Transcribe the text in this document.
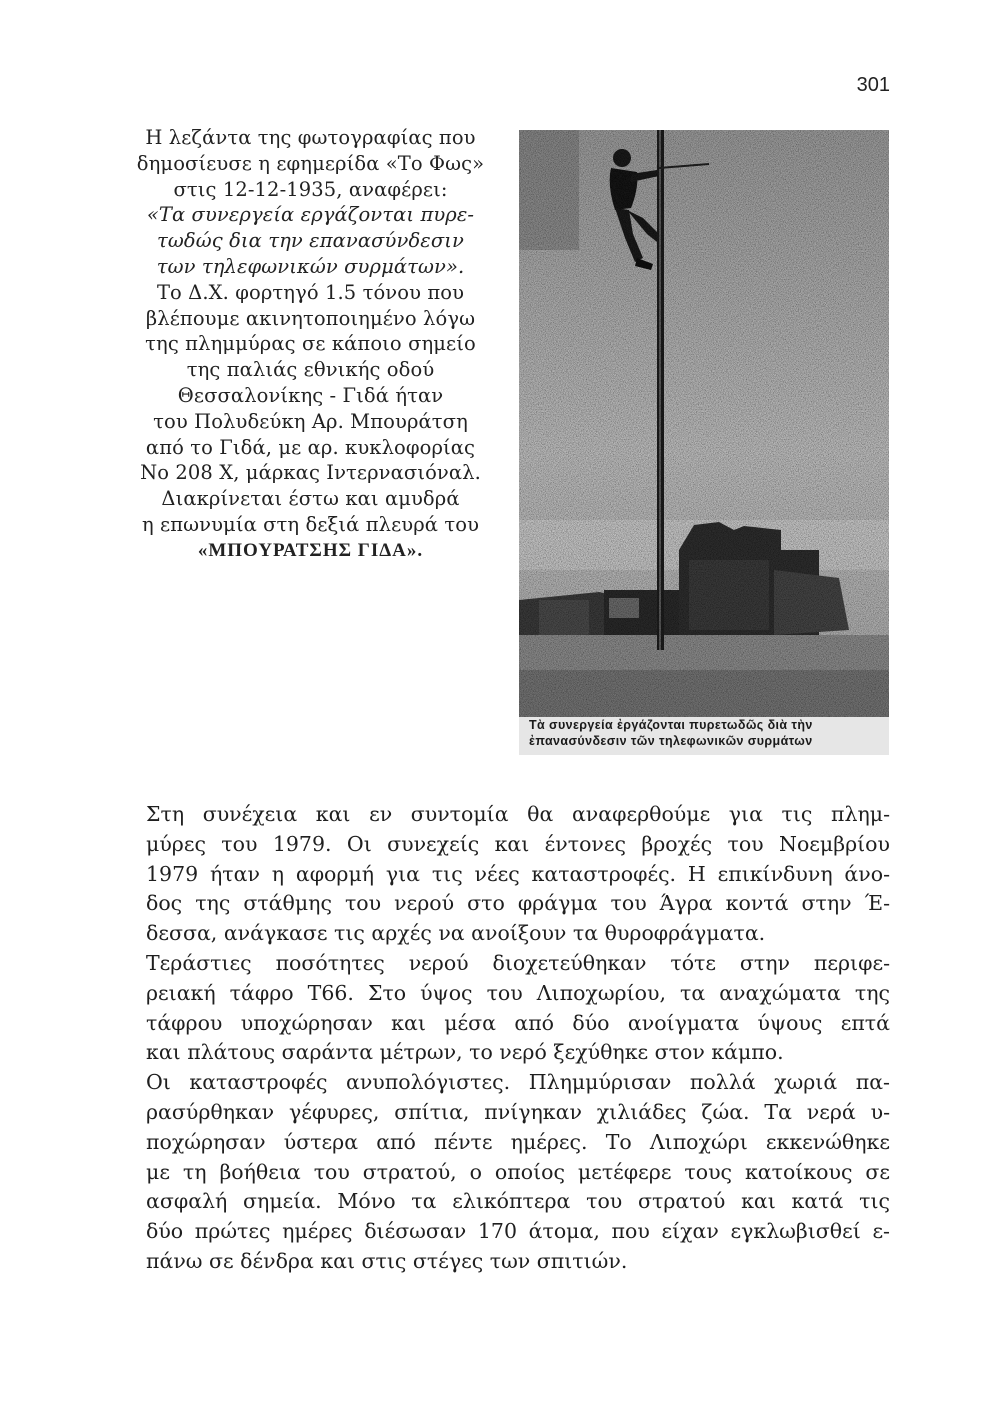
301
Η λεζάντα της φωτογραφίας που
δημοσίευσε η εφημερίδα «Το Φως»
στις 12-12-1935, αναφέρει:
«Τα συνεργεία εργάζονται πυρε-
τωδώς δια την επανασύνδεσιν
των τηλεφωνικών συρμάτων».
Το Δ.Χ. φορτηγό 1.5 τόνου που
βλέπουμε ακινητοποιημένο λόγω
της πλημμύρας σε κάποιο σημείο
της παλιάς εθνικής οδού
Θεσσαλονίκης - Γιδά ήταν
του Πολυδεύκη Αρ. Μπουράτση
από το Γιδά, με αρ. κυκλοφορίας
Νο 208 Χ, μάρκας Ιντερνασιόναλ.
Διακρίνεται έστω και αμυδρά
η επωνυμία στη δεξιά πλευρά του
«ΜΠΟΥΡΑΤΣΗΣ ΓΙΔΑ».
Τὰ συνεργεία ἐργάζονται πυρετωδῶς διὰ τὴν
ἐπανασύνδεσιν τῶν τηλεφωνικῶν συρμάτων

Στη συνέχεια και εν συντομία θα αναφερθούμε για τις πλημ-
μύρες του 1979. Οι συνεχείς και έντονες βροχές του Νοεμβρίου
1979 ήταν η αφορμή για τις νέες καταστροφές. Η επικίνδυνη άνο-
δος της στάθμης του νερού στο φράγμα του Άγρα κοντά στην Έ-
δεσσα, ανάγκασε τις αρχές να ανοίξουν τα θυροφράγματα.

Τεράστιες ποσότητες νερού διοχετεύθηκαν τότε στην περιφε-
ρειακή τάφρο Τ66. Στο ύψος του Λιποχωρίου, τα αναχώματα της
τάφρου υποχώρησαν και μέσα από δύο ανοίγματα ύψους επτά
και πλάτους σαράντα μέτρων, το νερό ξεχύθηκε στον κάμπο.

Οι καταστροφές ανυπολόγιστες. Πλημμύρισαν πολλά χωριά πα-
ρασύρθηκαν γέφυρες, σπίτια, πνίγηκαν χιλιάδες ζώα. Τα νερά υ-
ποχώρησαν ύστερα από πέντε ημέρες. Το Λιποχώρι εκκενώθηκε
με τη βοήθεια του στρατού, ο οποίος μετέφερε τους κατοίκους σε
ασφαλή σημεία. Μόνο τα ελικόπτερα του στρατού και κατά τις
δύο πρώτες ημέρες διέσωσαν 170 άτομα, που είχαν εγκλωβισθεί ε-
πάνω σε δένδρα και στις στέγες των σπιτιών.
